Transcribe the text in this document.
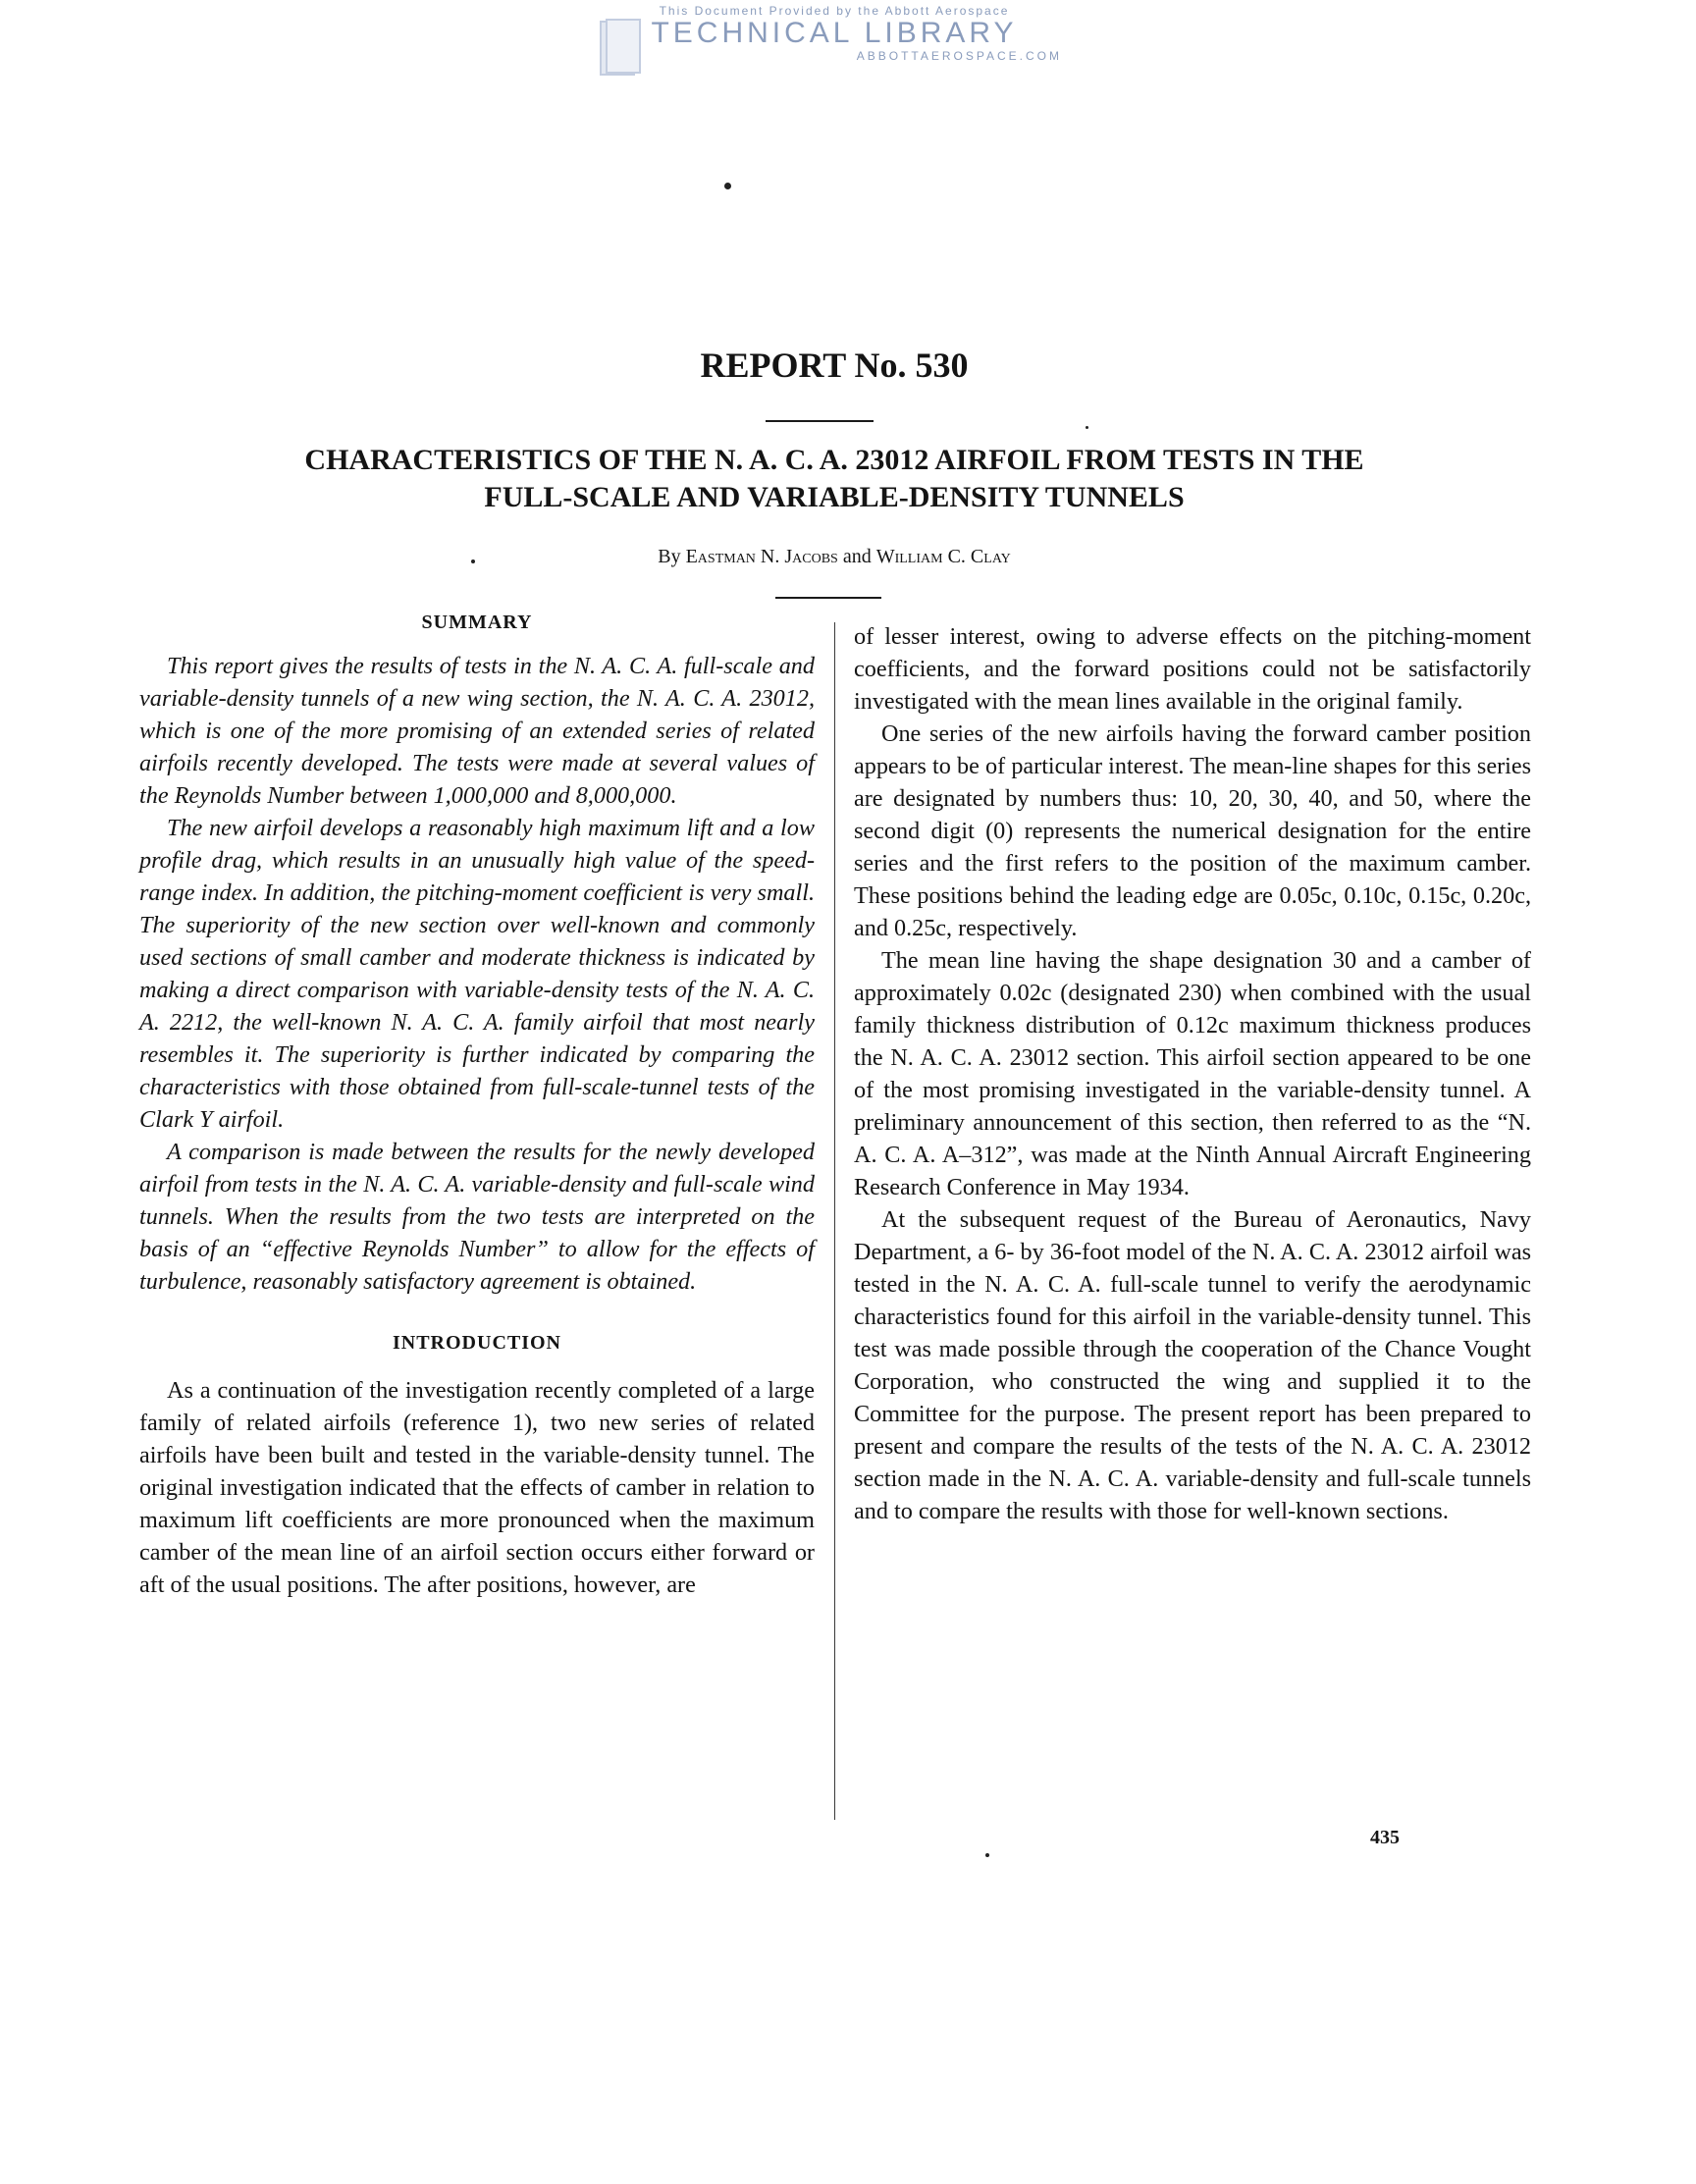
This Document Provided by the Abbott Aerospace
TECHNICAL LIBRARY
ABBOTTAEROSPACE.COM
REPORT No. 530
CHARACTERISTICS OF THE N. A. C. A. 23012 AIRFOIL FROM TESTS IN THE
FULL-SCALE AND VARIABLE-DENSITY TUNNELS
By Eastman N. Jacobs and William C. Clay
SUMMARY

This report gives the results of tests in the N. A. C. A. full-scale and variable-density tunnels of a new wing section, the N. A. C. A. 23012, which is one of the more promising of an extended series of related airfoils recently developed. The tests were made at several values of the Reynolds Number between 1,000,000 and 8,000,000.

The new airfoil develops a reasonably high maximum lift and a low profile drag, which results in an unusually high value of the speed-range index. In addition, the pitching-moment coefficient is very small. The superiority of the new section over well-known and commonly used sections of small camber and moderate thickness is indicated by making a direct comparison with variable-density tests of the N. A. C. A. 2212, the well-known N. A. C. A. family airfoil that most nearly resembles it. The superiority is further indicated by comparing the characteristics with those obtained from full-scale-tunnel tests of the Clark Y airfoil.

A comparison is made between the results for the newly developed airfoil from tests in the N. A. C. A. variable-density and full-scale wind tunnels. When the results from the two tests are interpreted on the basis of an “effective Reynolds Number” to allow for the effects of turbulence, reasonably satisfactory agreement is obtained.

INTRODUCTION

As a continuation of the investigation recently completed of a large family of related airfoils (reference 1), two new series of related airfoils have been built and tested in the variable-density tunnel. The original investigation indicated that the effects of camber in relation to maximum lift coefficients are more pronounced when the maximum camber of the mean line of an airfoil section occurs either forward or aft of the usual positions. The after positions, however, are

of lesser interest, owing to adverse effects on the pitching-moment coefficients, and the forward positions could not be satisfactorily investigated with the mean lines available in the original family.

One series of the new airfoils having the forward camber position appears to be of particular interest. The mean-line shapes for this series are designated by numbers thus: 10, 20, 30, 40, and 50, where the second digit (0) represents the numerical designation for the entire series and the first refers to the position of the maximum camber. These positions behind the leading edge are 0.05c, 0.10c, 0.15c, 0.20c, and 0.25c, respectively.

The mean line having the shape designation 30 and a camber of approximately 0.02c (designated 230) when combined with the usual family thickness distribution of 0.12c maximum thickness produces the N. A. C. A. 23012 section. This airfoil section appeared to be one of the most promising investigated in the variable-density tunnel. A preliminary announcement of this section, then referred to as the “N. A. C. A. A–312”, was made at the Ninth Annual Aircraft Engineering Research Conference in May 1934.

At the subsequent request of the Bureau of Aeronautics, Navy Department, a 6- by 36-foot model of the N. A. C. A. 23012 airfoil was tested in the N. A. C. A. full-scale tunnel to verify the aerodynamic characteristics found for this airfoil in the variable-density tunnel. This test was made possible through the cooperation of the Chance Vought Corporation, who constructed the wing and supplied it to the Committee for the purpose. The present report has been prepared to present and compare the results of the tests of the N. A. C. A. 23012 section made in the N. A. C. A. variable-density and full-scale tunnels and to compare the results with those for well-known sections.

435
